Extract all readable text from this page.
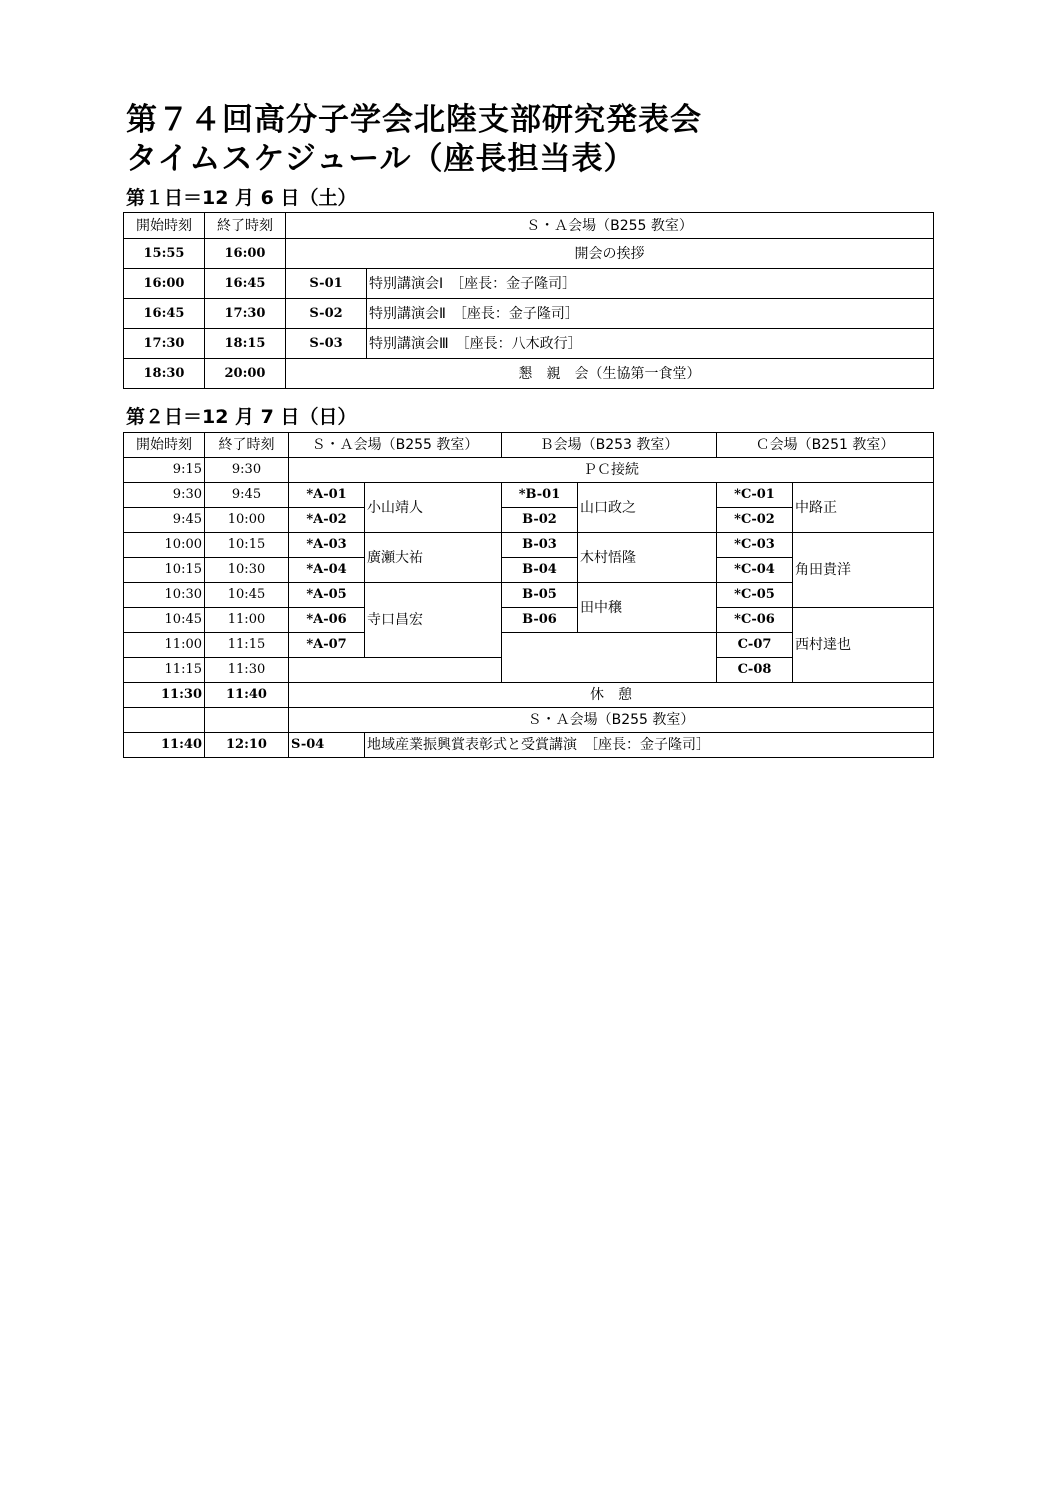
第７４回高分子学会北陸支部研究発表会
タイムスケジュール（座長担当表）
第１日＝12 月 6 日（土）
開始時刻	終了時刻	Ｓ・Ａ会場（B255 教室）	
15:55	16:00	開会の挨拶	
16:00	16:45	S-01	特別講演会Ⅰ　［座長：金子隆司］
16:45	17:30	S-02	特別講演会Ⅱ　［座長：金子隆司］
17:30	18:15	S-03	特別講演会Ⅲ　［座長：八木政行］
18:30	20:00	懇　親　会（生協第一食堂）	
第２日＝12 月 7 日（日）
開始時刻	終了時刻	Ｓ・Ａ会場（B255 教室）		Ｂ会場（B253 教室）		Ｃ会場（B251 教室）	
9:15	9:30	ＰＣ接続					
9:30	9:45	*A-01	小山靖人	*B-01	山口政之	*C-01	中路正
9:45	10:00	*A-02		B-02		*C-02	
10:00	10:15	*A-03	廣瀬大祐	B-03	木村悟隆	*C-03	角田貴洋
10:15	10:30	*A-04		B-04		*C-04	
10:30	10:45	*A-05	寺口昌宏	B-05	田中穣	*C-05	
10:45	11:00	*A-06		B-06		*C-06	西村達也
11:00	11:15	*A-07				C-07	
11:15	11:30					C-08	
11:30	11:40	休　憩					
		Ｓ・Ａ会場（B255 教室）					
11:40	12:10	S-04	地域産業振興賞表彰式と受賞講演　［座長：金子隆司］				
